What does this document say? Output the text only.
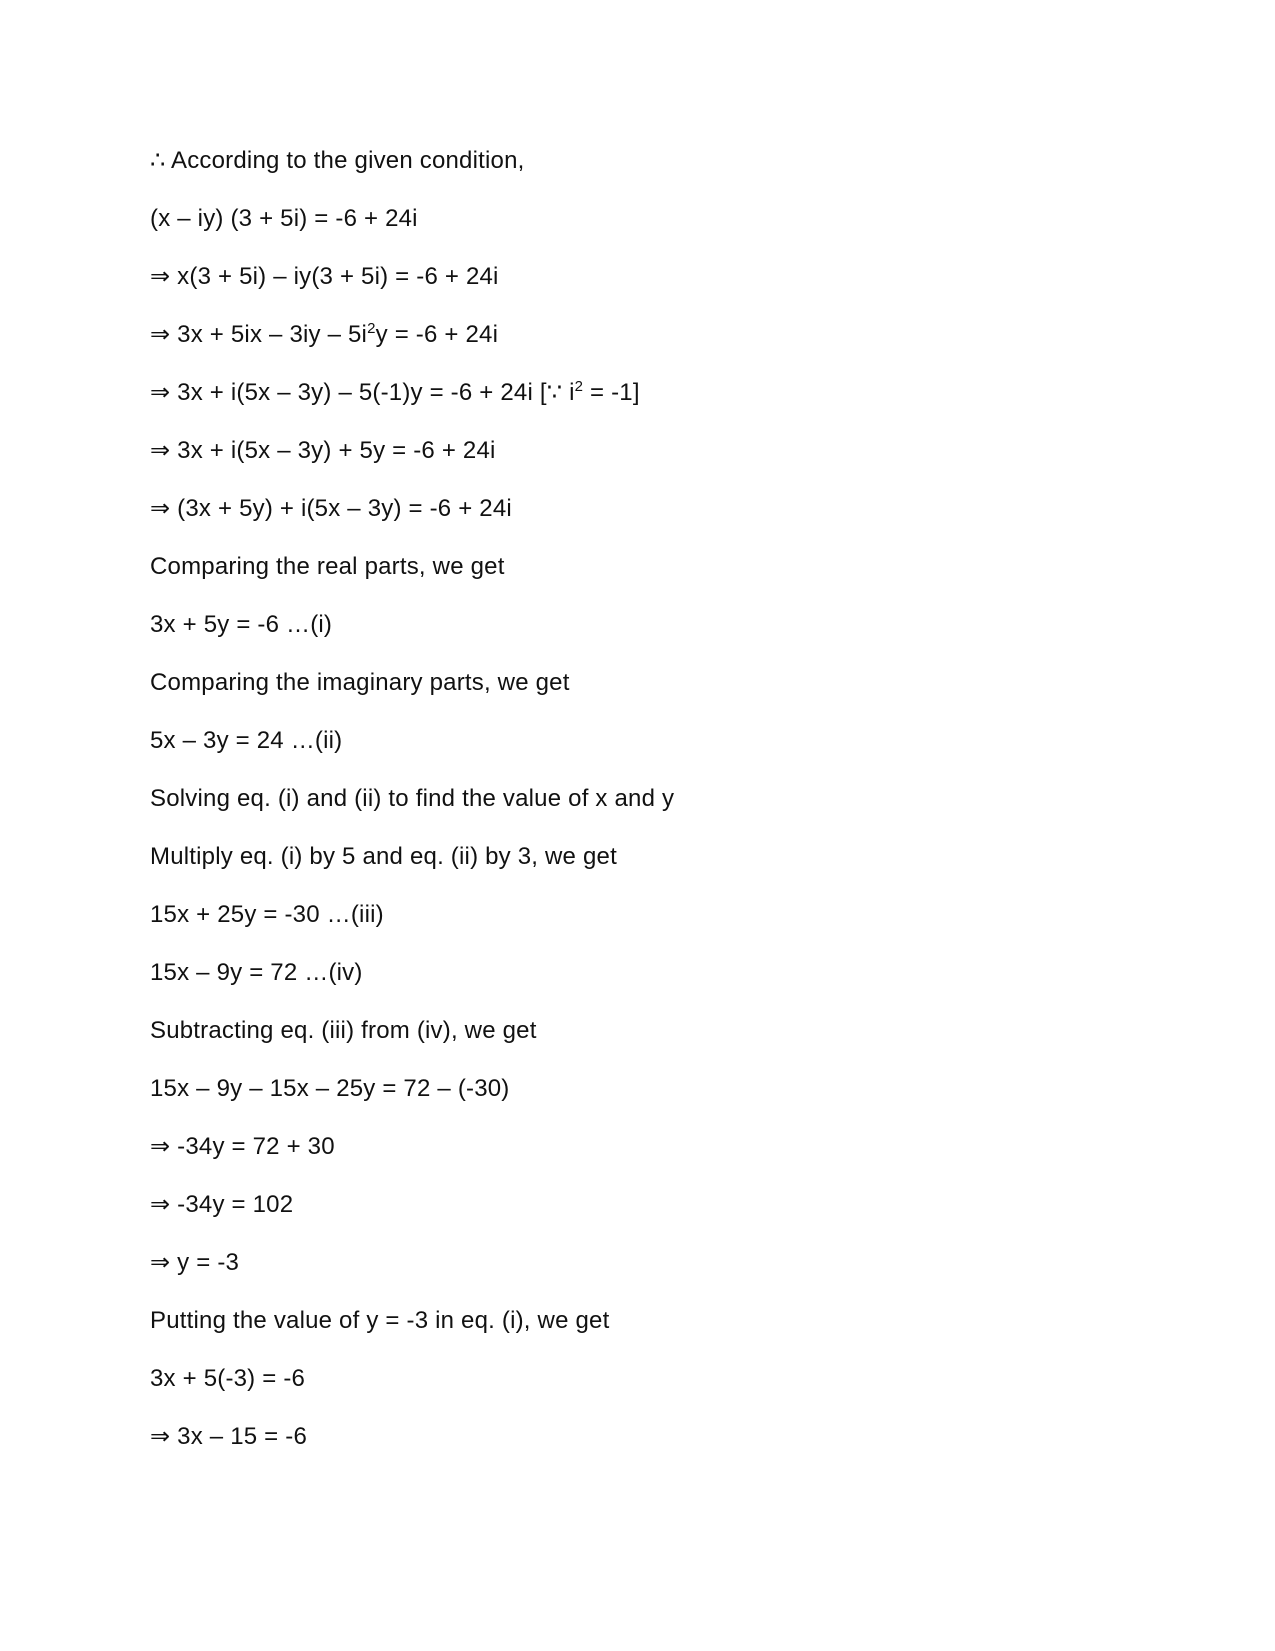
∴ According to the given condition,
(x – iy) (3 + 5i) = -6 + 24i
⇒ x(3 + 5i) – iy(3 + 5i) = -6 + 24i
⇒ $3x + 5ix - 3iy - 5i^2y = -6 + 24i$
⇒ 3x + i(5x – 3y) – 5(-1)y = -6 + 24i [∵ $i^2 = -1$]
⇒ 3x + i(5x – 3y) + 5y = -6 + 24i
⇒ (3x + 5y) + i(5x – 3y) = -6 + 24i
Comparing the real parts, we get
3x + 5y = -6 …(i)
Comparing the imaginary parts, we get
5x – 3y = 24 …(ii)
Solving eq. (i) and (ii) to find the value of x and y
Multiply eq. (i) by 5 and eq. (ii) by 3, we get
15x + 25y = -30 …(iii)
15x – 9y = 72 …(iv)
Subtracting eq. (iii) from (iv), we get
15x – 9y – 15x – 25y = 72 – (-30)
⇒ -34y = 72 + 30
⇒ -34y = 102
⇒ y = -3
Putting the value of y = -3 in eq. (i), we get
3x + 5(-3) = -6
⇒ 3x – 15 = -6
